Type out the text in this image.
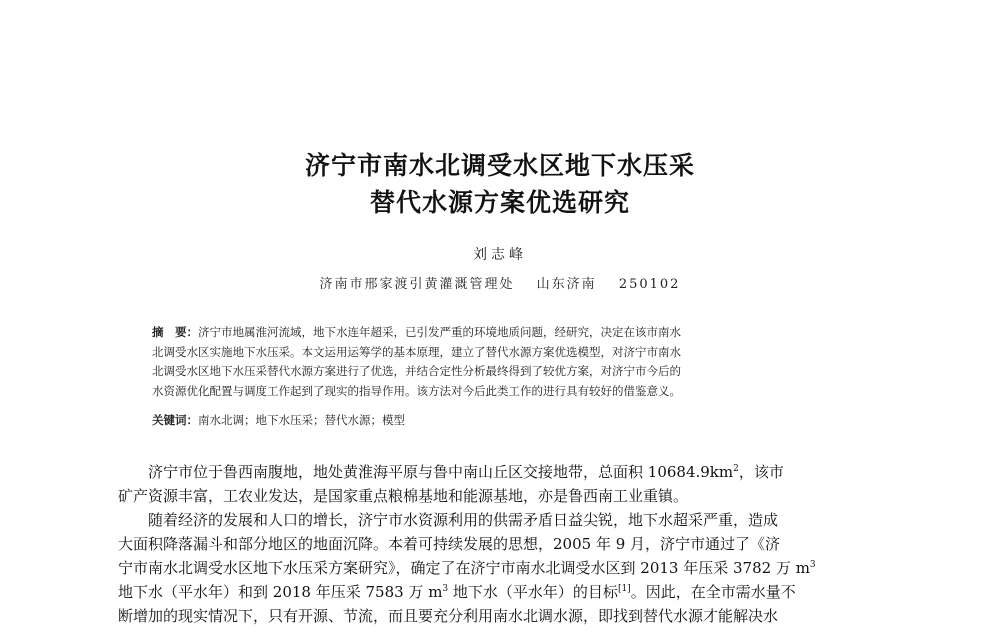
济宁市南水北调受水区地下水压采
替代水源方案优选研究
刘志峰
济南市邢家渡引黄灌溉管理处 山东济南 250102
摘　要：济宁市地属淮河流域，地下水连年超采，已引发严重的环境地质问题，经研究，决定在该市南水
北调受水区实施地下水压采。本文运用运筹学的基本原理，建立了替代水源方案优选模型，对济宁市南水
北调受水区地下水压采替代水源方案进行了优选，并结合定性分析最终得到了较优方案，对济宁市今后的
水资源优化配置与调度工作起到了现实的指导作用。该方法对今后此类工作的进行具有较好的借鉴意义。
关键词：南水北调；地下水压采；替代水源；模型
济宁市位于鲁西南腹地，地处黄淮海平原与鲁中南山丘区交接地带，总面积 $10684.9km^2$，该市
矿产资源丰富，工农业发达，是国家重点粮棉基地和能源基地，亦是鲁西南工业重镇。
随着经济的发展和人口的增长，济宁市水资源利用的供需矛盾日益尖锐，地下水超采严重，造成
大面积降落漏斗和部分地区的地面沉降。本着可持续发展的思想，2005 年 9 月，济宁市通过了《济
宁市南水北调受水区地下水压采方案研究》，确定了在济宁市南水北调受水区到 2013 年压采 3782 万 $m^3$
地下水（平水年）和到 2018 年压采 7583 万 $m^3$ 地下水（平水年）的目标[1]。因此，在全市需水量不
断增加的现实情况下，只有开源、节流，而且要充分利用南水北调水源，即找到替代水源才能解决水
